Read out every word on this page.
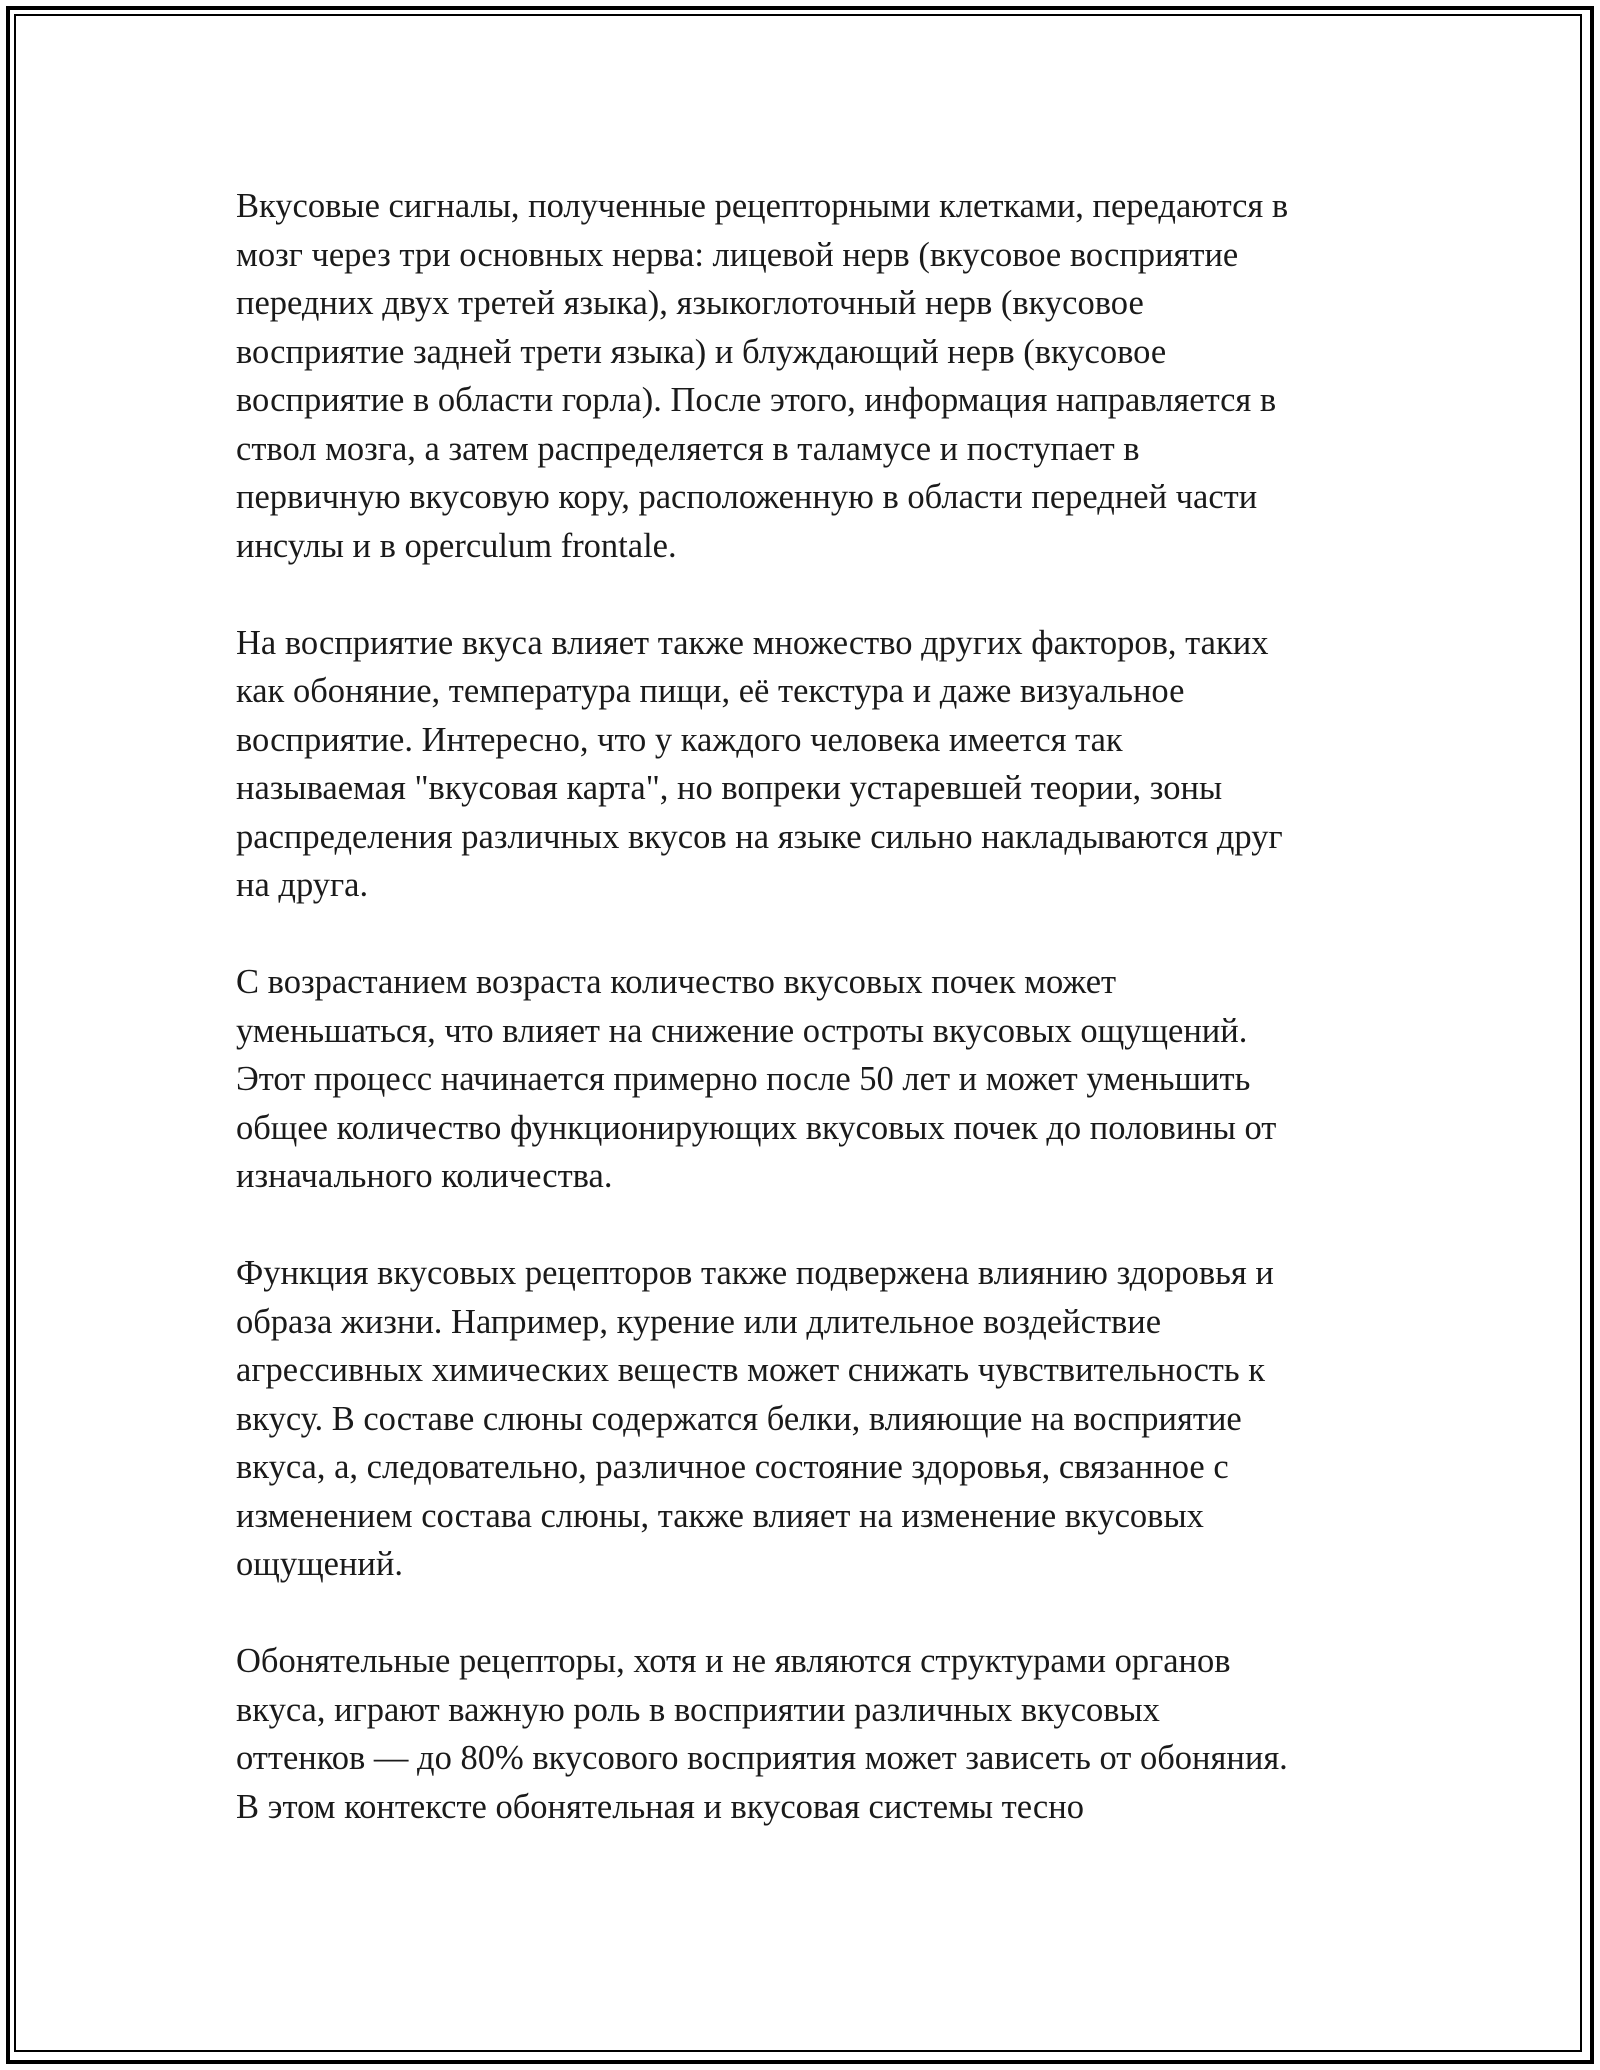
Вкусовые сигналы, полученные рецепторными клетками, передаются в
мозг через три основных нерва: лицевой нерв (вкусовое восприятие
передних двух третей языка), языкоглоточный нерв (вкусовое
восприятие задней трети языка) и блуждающий нерв (вкусовое
восприятие в области горла). После этого, информация направляется в
ствол мозга, а затем распределяется в таламусе и поступает в
первичную вкусовую кору, расположенную в области передней части
инсулы и в operculum frontale.

На восприятие вкуса влияет также множество других факторов, таких
как обоняние, температура пищи, её текстура и даже визуальное
восприятие. Интересно, что у каждого человека имеется так
называемая "вкусовая карта", но вопреки устаревшей теории, зоны
распределения различных вкусов на языке сильно накладываются друг
на друга.

С возрастанием возраста количество вкусовых почек может
уменьшаться, что влияет на снижение остроты вкусовых ощущений.
Этот процесс начинается примерно после 50 лет и может уменьшить
общее количество функционирующих вкусовых почек до половины от
изначального количества.

Функция вкусовых рецепторов также подвержена влиянию здоровья и
образа жизни. Например, курение или длительное воздействие
агрессивных химических веществ может снижать чувствительность к
вкусу. В составе слюны содержатся белки, влияющие на восприятие
вкуса, а, следовательно, различное состояние здоровья, связанное с
изменением состава слюны, также влияет на изменение вкусовых
ощущений.

Обонятельные рецепторы, хотя и не являются структурами органов
вкуса, играют важную роль в восприятии различных вкусовых
оттенков — до 80% вкусового восприятия может зависеть от обоняния.
В этом контексте обонятельная и вкусовая системы тесно
